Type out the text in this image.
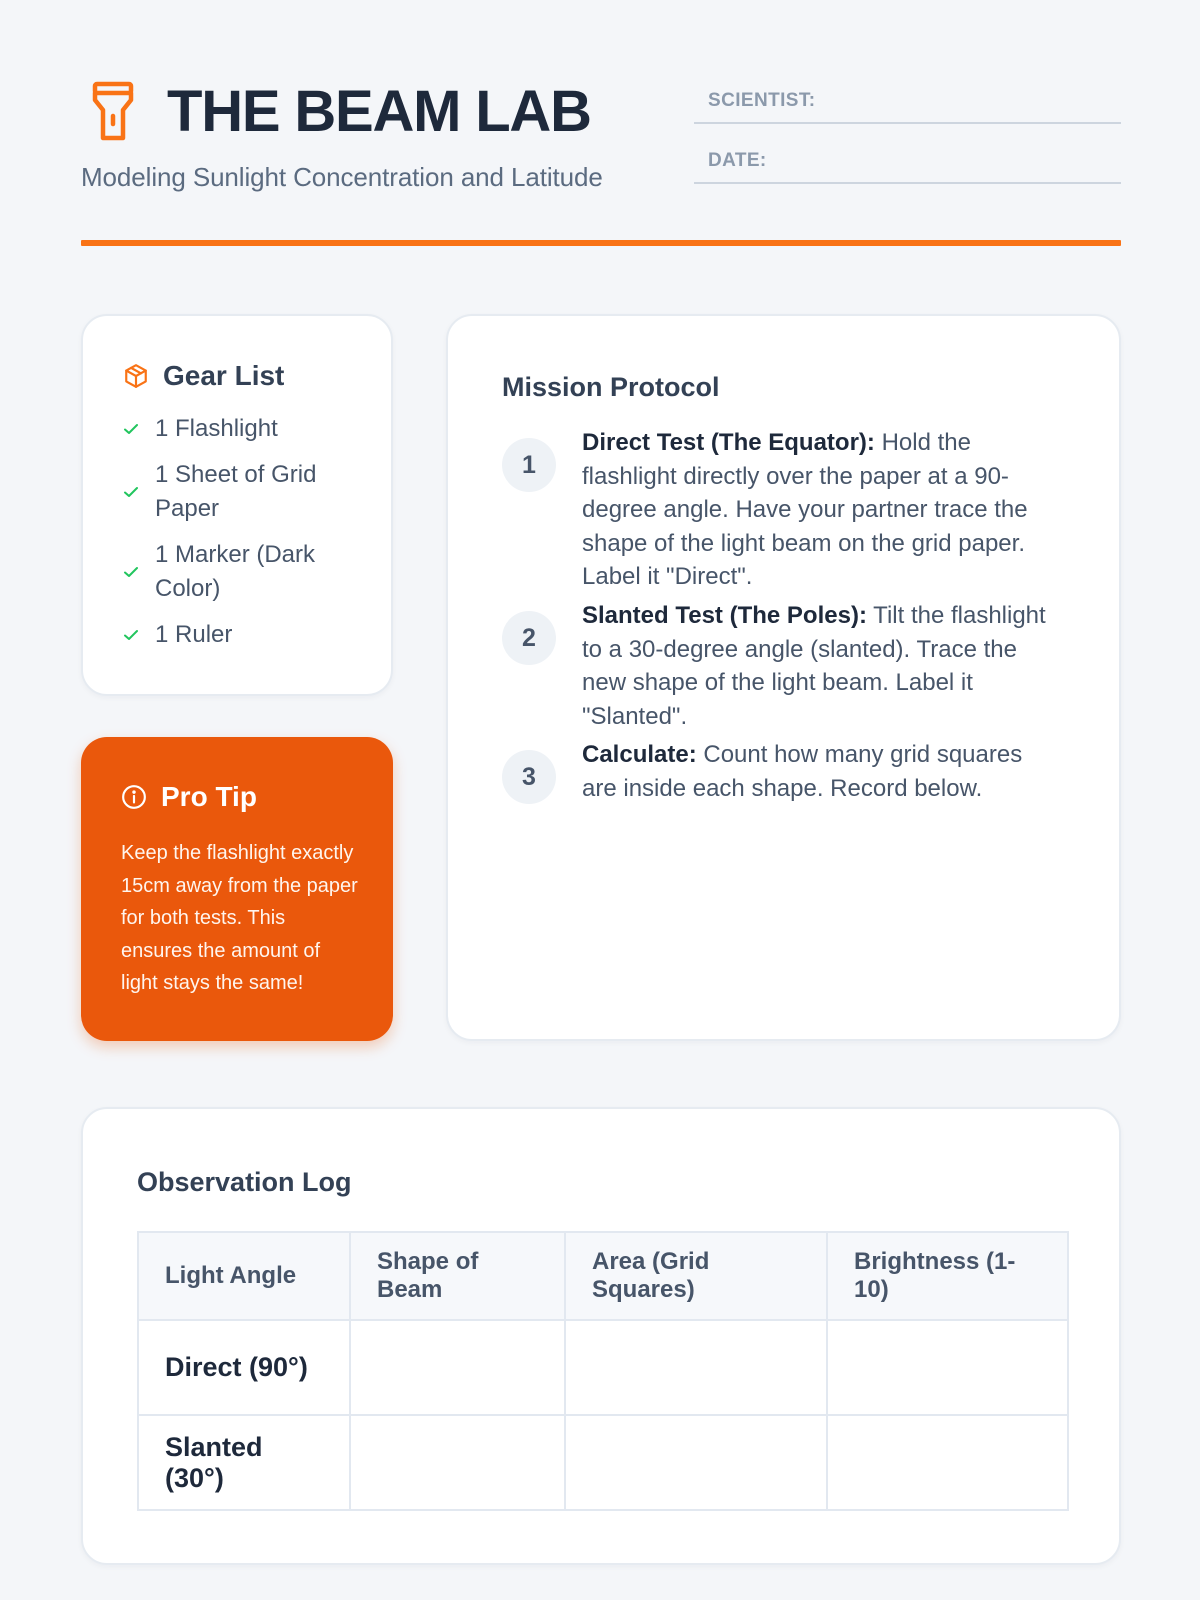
THE BEAM LAB
Modeling Sunlight Concentration and Latitude
SCIENTIST:
DATE:
Gear List
1 Flashlight
1 Sheet of Grid Paper
1 Marker (Dark Color)
1 Ruler
Pro Tip

Keep the flashlight exactly 15cm away from the paper for both tests. This ensures the amount of light stays the same!

Mission Protocol
1
Direct Test (The Equator): Hold the flashlight directly over the paper at a 90-degree angle. Have your partner trace the shape of the light beam on the grid paper. Label it "Direct".
2
Slanted Test (The Poles): Tilt the flashlight to a 30-degree angle (slanted). Trace the new shape of the light beam. Label it "Slanted".
3
Calculate: Count how many grid squares are inside each shape. Record below.
Observation Log
Light Angle	Shape of Beam	Area (Grid Squares)	Brightness (1-10)
Direct (90°)			
Slanted (30°)			
